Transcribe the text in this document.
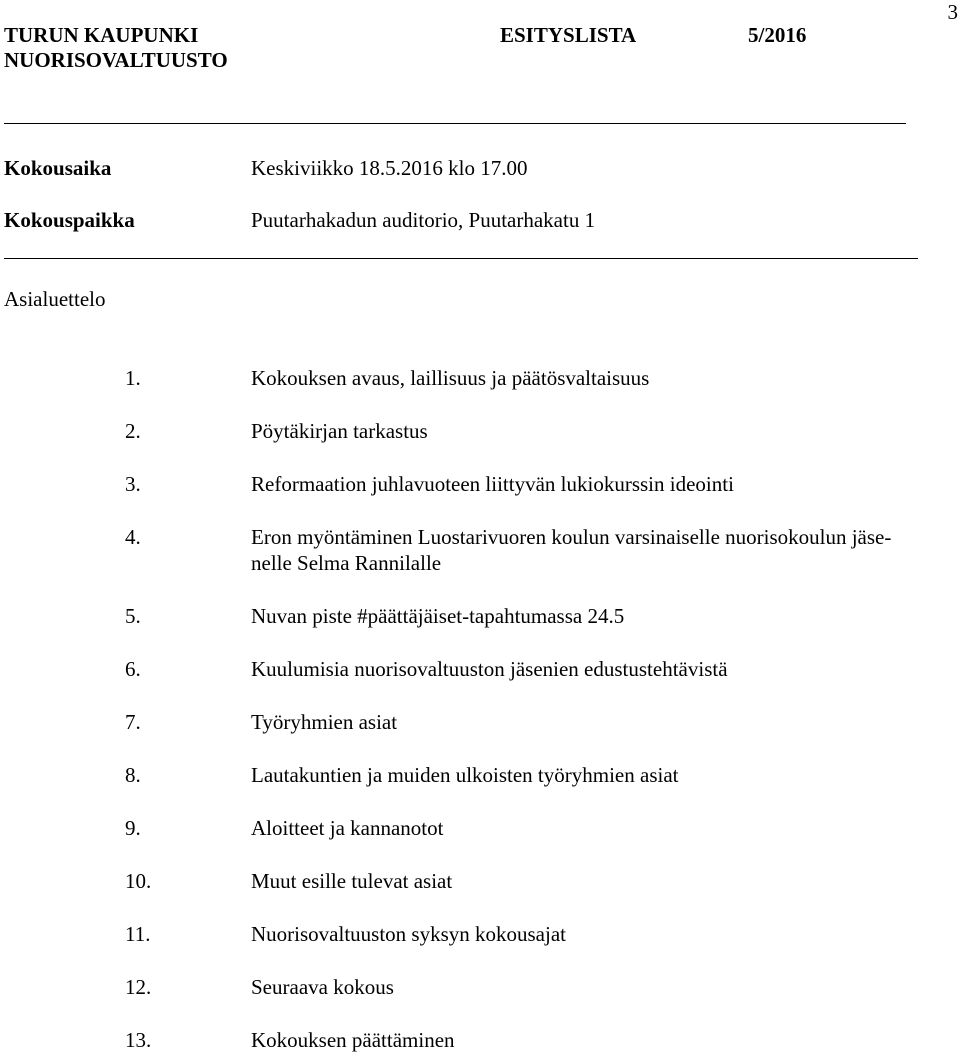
3
TURUN KAUPUNKI	ESITYSLISTA	5/2016
NUORISOVALTUUSTO
Kokousaika	Keskiviikko 18.5.2016 klo 17.00
Kokouspaikka	Puutarhakadun auditorio, Puutarhakatu 1
Asialuettelo
1.	Kokouksen avaus, laillisuus ja päätösvaltaisuus
2.	Pöytäkirjan tarkastus
3.	Reformaation juhlavuoteen liittyvän lukiokurssin ideointi
4.	Eron myöntäminen Luostarivuoren koulun varsinaiselle nuorisokoulun jäse-
nelle Selma Rannilalle
5.	Nuvan piste #päättäjäiset-tapahtumassa 24.5
6.	Kuulumisia nuorisovaltuuston jäsenien edustustehtävistä
7.	Työryhmien asiat
8.	Lautakuntien ja muiden ulkoisten työryhmien asiat
9.	Aloitteet ja kannanotot
10.	Muut esille tulevat asiat
11.	Nuorisovaltuuston syksyn kokousajat
12.	Seuraava kokous
13.	Kokouksen päättäminen
